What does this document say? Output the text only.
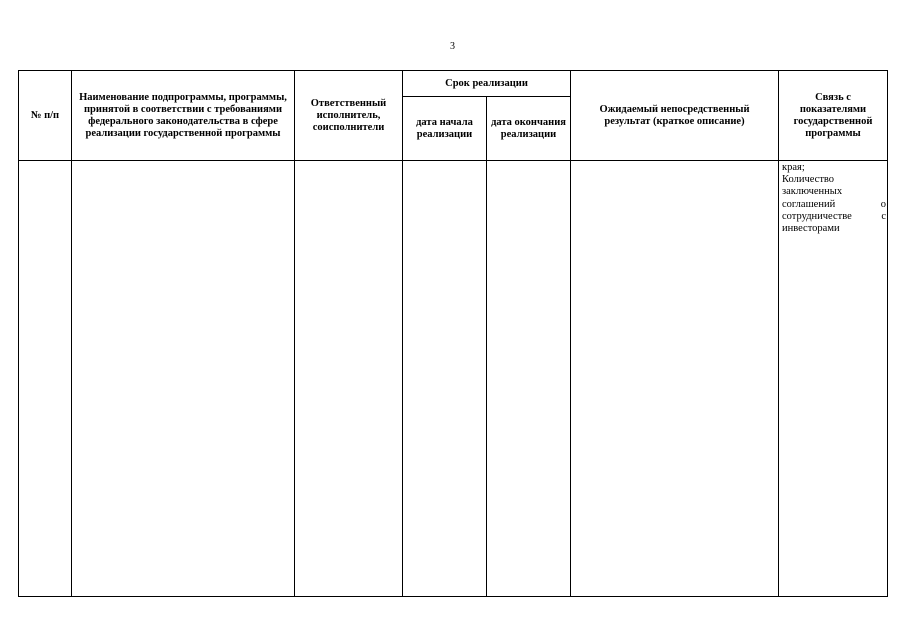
3
№ п/п
Наименование подпрограммы, программы, принятой в соответствии с требованиями федерального законодательства в сфере реализации государственной программы
Ответственный исполнитель, соисполнители
Срок реализации
дата начала реализации
дата окончания реализации
Ожидаемый непосредственный результат (краткое описание)
Связь с показателями государственной программы
края;
Количество
заключенных
соглашений	о
сотрудничестве	с
инвесторами
